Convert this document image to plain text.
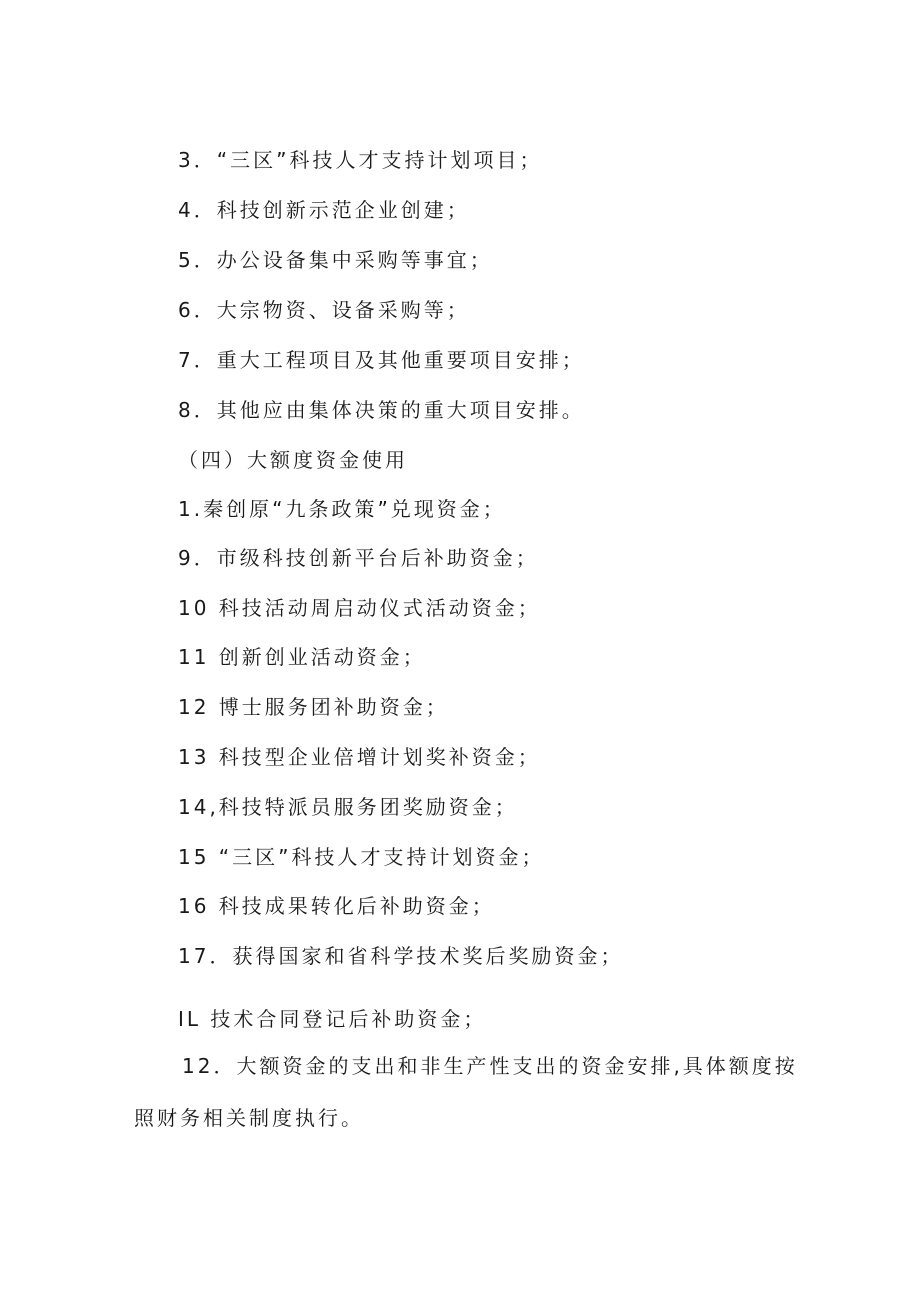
3．“三区”科技人才支持计划项目；
4．科技创新示范企业创建；
5．办公设备集中采购等事宜；
6．大宗物资、设备采购等；
7．重大工程项目及其他重要项目安排；
8．其他应由集体决策的重大项目安排。
（四）大额度资金使用
1.秦创原“九条政策”兑现资金；
9．市级科技创新平台后补助资金；
10 科技活动周启动仪式活动资金；
11 创新创业活动资金；
12 博士服务团补助资金；
13 科技型企业倍增计划奖补资金；
14,科技特派员服务团奖励资金；
15 “三区”科技人才支持计划资金；
16 科技成果转化后补助资金；
17．获得国家和省科学技术奖后奖励资金；
IL 技术合同登记后补助资金；
12．大额资金的支出和非生产性支出的资金安排,具体额度按照财务相关制度执行。
